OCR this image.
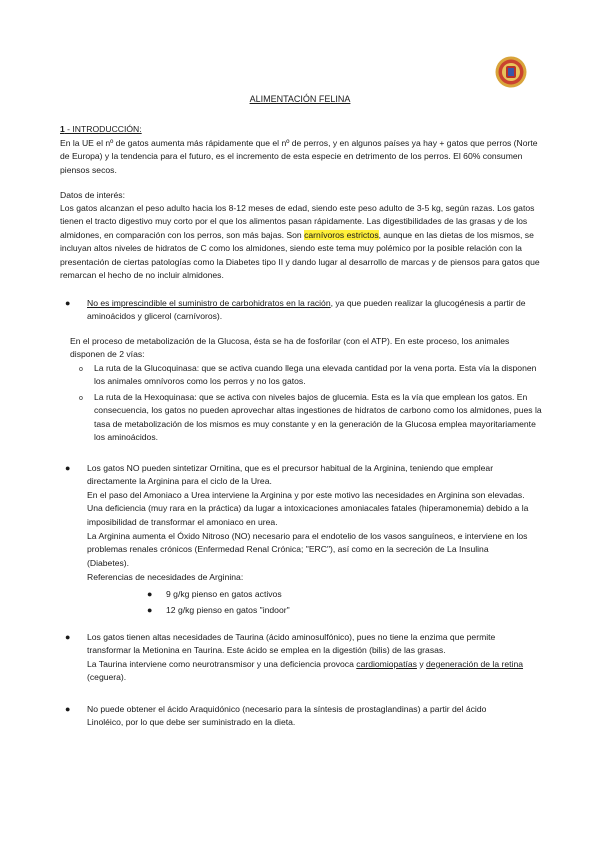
ALIMENTACIÓN FELINA

1 - INTRODUCCIÓN:

En la UE el nº de gatos aumenta más rápidamente que el nº de perros, y en algunos países ya hay + gatos que perros (Norte de Europa) y la tendencia para el futuro, es el incremento de esta especie en detrimento de los perros. El 60% consumen piensos secos.

Datos de interés:

Los gatos alcanzan el peso adulto hacia los 8-12 meses de edad, siendo este peso adulto de 3-5 kg, según razas. Los gatos tienen el tracto digestivo muy corto por el que los alimentos pasan rápidamente. Las digestibilidades de las grasas y de los almidones, en comparación con los perros, son más bajas. Son carnívoros estrictos, aunque en las dietas de los mismos, se incluyan altos niveles de hidratos de C como los almidones, siendo este tema muy polémico por la posible relación con la presentación de ciertas patologías como la Diabetes tipo II y dando lugar al desarrollo de marcas y de piensos para gatos que remarcan el hecho de no incluir almidones.

● No es imprescindible el suministro de carbohidratos en la ración, ya que pueden realizar la glucogénesis a partir de aminoácidos y glicerol (carnívoros).

En el proceso de metabolización de la Glucosa, ésta se ha de fosforilar (con el ATP). En este proceso, los animales disponen de 2 vías:

o La ruta de la Glucoquinasa: que se activa cuando llega una elevada cantidad por la vena porta. Esta vía la disponen los animales omnívoros como los perros y no los gatos.

o La ruta de la Hexoquinasa: que se activa con niveles bajos de glucemia. Esta es la vía que emplean los gatos. En consecuencia, los gatos no pueden aprovechar altas ingestiones de hidratos de carbono como los almidones, pues la tasa de metabolización de los mismos es muy constante y en la generación de la Glucosa emplea mayoritariamente los aminoácidos.

● Los gatos NO pueden sintetizar Ornitina, que es el precursor habitual de la Arginina, teniendo que emplear directamente la Arginina para el ciclo de la Urea.

En el paso del Amoniaco a Urea interviene la Arginina y por este motivo las necesidades en Arginina son elevadas. Una deficiencia (muy rara en la práctica) da lugar a intoxicaciones amoniacales fatales (hiperamonemia) debido a la imposibilidad de transformar el amoniaco en urea.

La Arginina aumenta el Óxido Nitroso (NO) necesario para el endotelio de los vasos sanguíneos, e interviene en los problemas renales crónicos (Enfermedad Renal Crónica; "ERC"), así como en la secreción de La Insulina (Diabetes).

Referencias de necesidades de Arginina:

● 9 g/kg pienso en gatos activos

● 12 g/kg pienso en gatos "indoor"

● Los gatos tienen altas necesidades de Taurina (ácido aminosulfónico), pues no tiene la enzima que permite transformar la Metionina en Taurina. Este ácido se emplea en la digestión (bilis) de las grasas.

La Taurina interviene como neurotransmisor y una deficiencia provoca cardiomiopatías y degeneración de la retina (ceguera).

● No puede obtener el ácido Araquidónico (necesario para la síntesis de prostaglandinas) a partir del ácido Linoléico, por lo que debe ser suministrado en la dieta.
